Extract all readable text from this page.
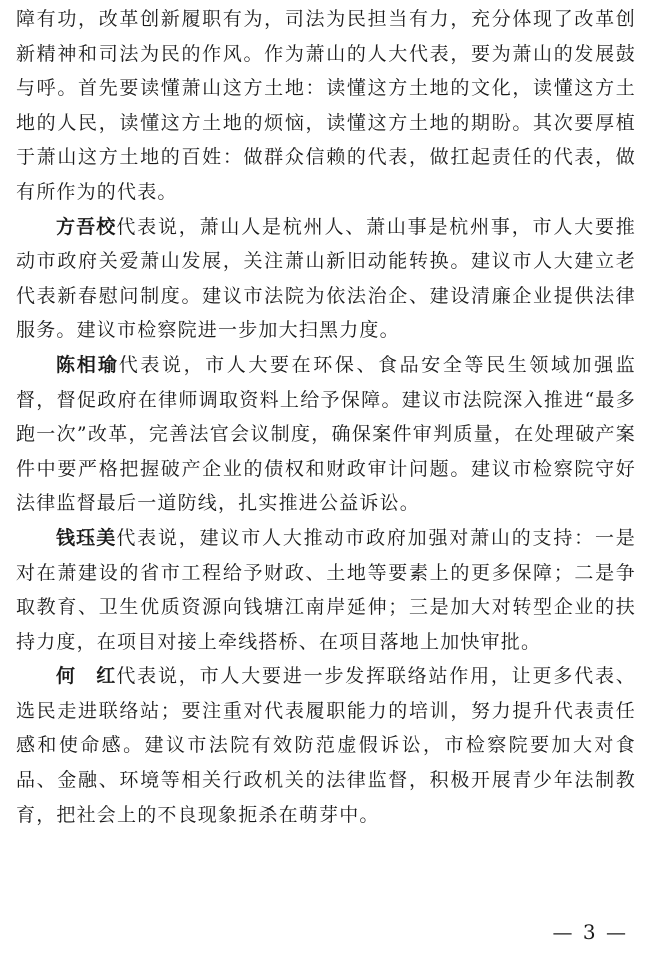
障有功，改革创新履职有为，司法为民担当有力，充分体现了改革创新精神和司法为民的作风。作为萧山的人大代表，要为萧山的发展鼓与呼。首先要读懂萧山这方土地：读懂这方土地的文化，读懂这方土地的人民，读懂这方土地的烦恼，读懂这方土地的期盼。其次要厚植于萧山这方土地的百姓：做群众信赖的代表，做扛起责任的代表，做有所作为的代表。

方吾校代表说，萧山人是杭州人、萧山事是杭州事，市人大要推动市政府关爱萧山发展，关注萧山新旧动能转换。建议市人大建立老代表新春慰问制度。建议市法院为依法治企、建设清廉企业提供法律服务。建议市检察院进一步加大扫黑力度。

陈相瑜代表说，市人大要在环保、食品安全等民生领域加强监督，督促政府在律师调取资料上给予保障。建议市法院深入推进“最多跑一次”改革，完善法官会议制度，确保案件审判质量，在处理破产案件中要严格把握破产企业的债权和财政审计问题。建议市检察院守好法律监督最后一道防线，扎实推进公益诉讼。

钱珏美代表说，建议市人大推动市政府加强对萧山的支持：一是对在萧建设的省市工程给予财政、土地等要素上的更多保障；二是争取教育、卫生优质资源向钱塘江南岸延伸；三是加大对转型企业的扶持力度，在项目对接上牵线搭桥、在项目落地上加快审批。

何　红代表说，市人大要进一步发挥联络站作用，让更多代表、选民走进联络站；要注重对代表履职能力的培训，努力提升代表责任感和使命感。建议市法院有效防范虚假诉讼，市检察院要加大对食品、金融、环境等相关行政机关的法律监督，积极开展青少年法制教育，把社会上的不良现象扼杀在萌芽中。

— 3 —
